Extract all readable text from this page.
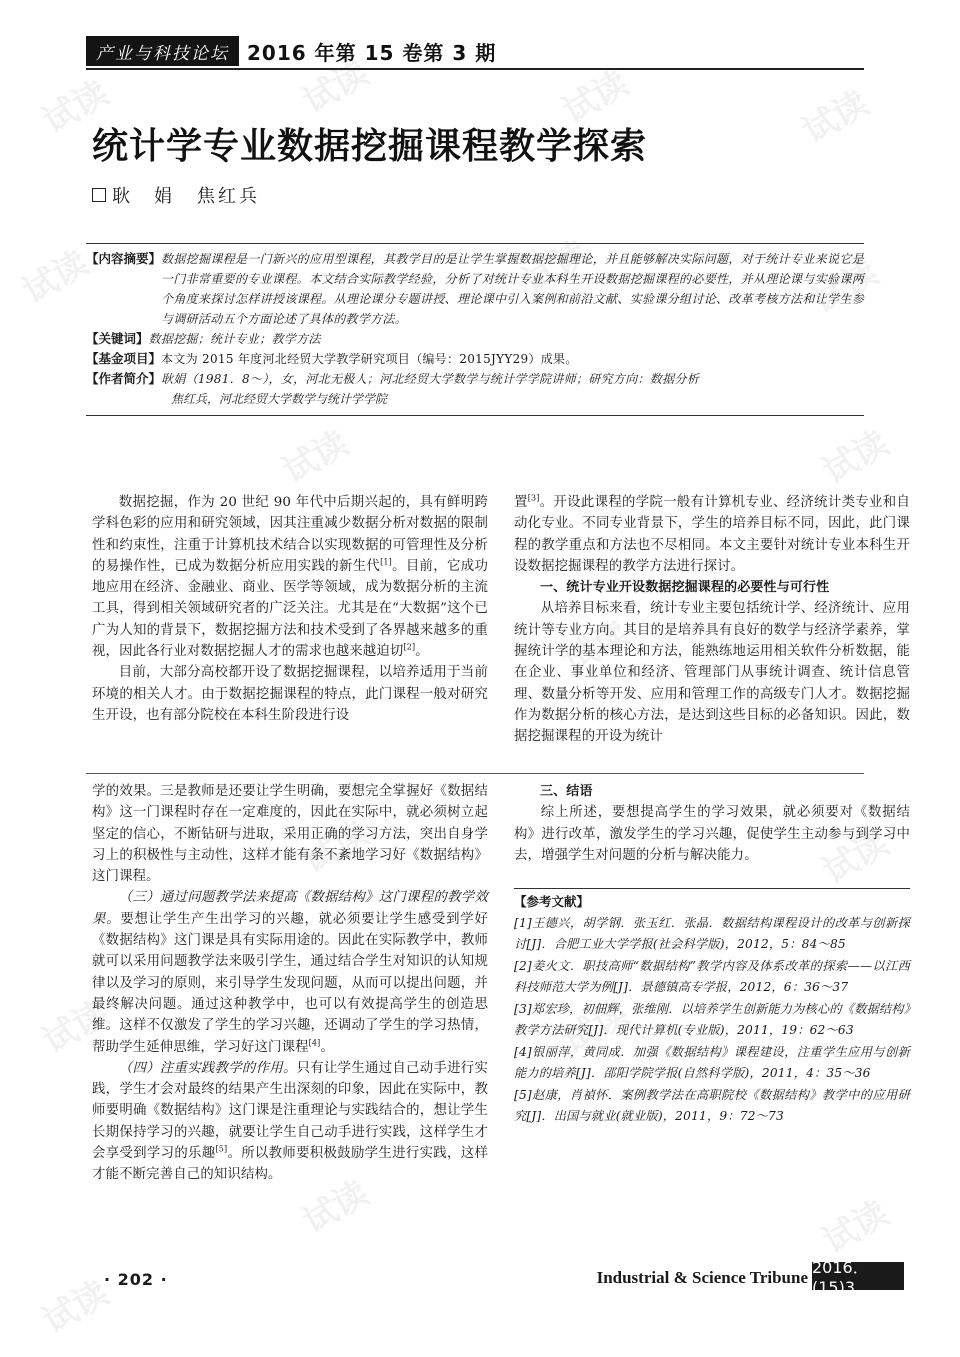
试读	试读	试读	试读
试读	试读	试读
试读	试读
试读
试读	试读
试读	试读
试读	试读
试读
产业与科技论坛 2016 年第 15 卷第 3 期
统计学专业数据挖掘课程教学探索
耿　娟 焦红兵
【内容摘要】 数据挖掘课程是一门新兴的应用型课程，其教学目的是让学生掌握数据挖掘理论，并且能够解决实际问题，对于统计专业来说它是一门非常重要的专业课程。本文结合实际教学经验，分析了对统计专业本科生开设数据挖掘课程的必要性，并从理论课与实验课两个角度来探讨怎样讲授该课程。从理论课分专题讲授、理论课中引入案例和前沿文献、实验课分组讨论、改革考核方法和让学生参与调研活动五个方面论述了具体的教学方法。
【关键词】 数据挖掘；统计专业；教学方法
【基金项目】 本文为 2015 年度河北经贸大学教学研究项目（编号：2015JYY29）成果。
【作者简介】 耿娟（1981．8～），女，河北无极人；河北经贸大学数学与统计学学院讲师；研究方向：数据分析
焦红兵，河北经贸大学数学与统计学学院

数据挖掘，作为 20 世纪 90 年代中后期兴起的，具有鲜明跨学科色彩的应用和研究领域，因其注重减少数据分析对数据的限制性和约束性，注重于计算机技术结合以实现数据的可管理性及分析的易操作性，已成为数据分析应用实践的新生代[1]。目前，它成功地应用在经济、金融业、商业、医学等领域，成为数据分析的主流工具，得到相关领域研究者的广泛关注。尤其是在“大数据”这个已广为人知的背景下，数据挖掘方法和技术受到了各界越来越多的重视，因此各行业对数据挖掘人才的需求也越来越迫切[2]。

目前，大部分高校都开设了数据挖掘课程，以培养适用于当前环境的相关人才。由于数据挖掘课程的特点，此门课程一般对研究生开设，也有部分院校在本科生阶段进行设

置[3]。开设此课程的学院一般有计算机专业、经济统计类专业和自动化专业。不同专业背景下，学生的培养目标不同，因此，此门课程的教学重点和方法也不尽相同。本文主要针对统计专业本科生开设数据挖掘课程的教学方法进行探讨。

一、统计专业开设数据挖掘课程的必要性与可行性

从培养目标来看，统计专业主要包括统计学、经济统计、应用统计等专业方向。其目的是培养具有良好的数学与经济学素养，掌握统计学的基本理论和方法，能熟练地运用相关软件分析数据，能在企业、事业单位和经济、管理部门从事统计调查、统计信息管理、数量分析等开发、应用和管理工作的高级专门人才。数据挖掘作为数据分析的核心方法，是达到这些目标的必备知识。因此，数据挖掘课程的开设为统计

学的效果。三是教师是还要让学生明确，要想完全掌握好《数据结构》这一门课程时存在一定难度的，因此在实际中，就必须树立起坚定的信心，不断钻研与进取，采用正确的学习方法，突出自身学习上的积极性与主动性，这样才能有条不紊地学习好《数据结构》这门课程。

（三）通过问题教学法来提高《数据结构》这门课程的教学效果。要想让学生产生出学习的兴趣，就必须要让学生感受到学好《数据结构》这门课是具有实际用途的。因此在实际教学中，教师就可以采用问题教学法来吸引学生，通过结合学生对知识的认知规律以及学习的原则，来引导学生发现问题，从而可以提出问题，并最终解决问题。通过这种教学中，也可以有效提高学生的创造思维。这样不仅激发了学生的学习兴趣，还调动了学生的学习热情，帮助学生延伸思维，学习好这门课程[4]。

（四）注重实践教学的作用。只有让学生通过自己动手进行实践，学生才会对最终的结果产生出深刻的印象，因此在实际中，教师要明确《数据结构》这门课是注重理论与实践结合的，想让学生长期保持学习的兴趣，就要让学生自己动手进行实践，这样学生才会享受到学习的乐趣[5]。所以教师要积极鼓励学生进行实践，这样才能不断完善自己的知识结构。

三、结语

综上所述，要想提高学生的学习效果，就必须要对《数据结构》进行改革，激发学生的学习兴趣，促使学生主动参与到学习中去，增强学生对问题的分析与解决能力。

【参考文献】
[1]王德兴，胡学钢．张玉红．张晶．数据结构课程设计的改革与创新探讨[J]．合肥工业大学学报(社会科学版)，2012，5：84～85
[2]姜火文．职技高师“数据结构”教学内容及体系改革的探索——以江西科技师范大学为例[J]．景德镇高专学报，2012，6：36～37
[3]郑宏珍，初佃辉，张维刚．以培养学生创新能力为核心的《数据结构》教学方法研究[J]．现代计算机(专业版)，2011，19：62～63
[4]银丽萍，黄同成．加强《数据结构》课程建设，注重学生应用与创新能力的培养[J]．邵阳学院学报(自然科学版)，2011，4：35～36
[5]赵康，肖禎怀．案例教学法在高职院校《数据结构》教学中的应用研究[J]．出国与就业(就业版)，2011，9：72～73
· 202 ·	Industrial & Science Tribune
2016．(15)3
